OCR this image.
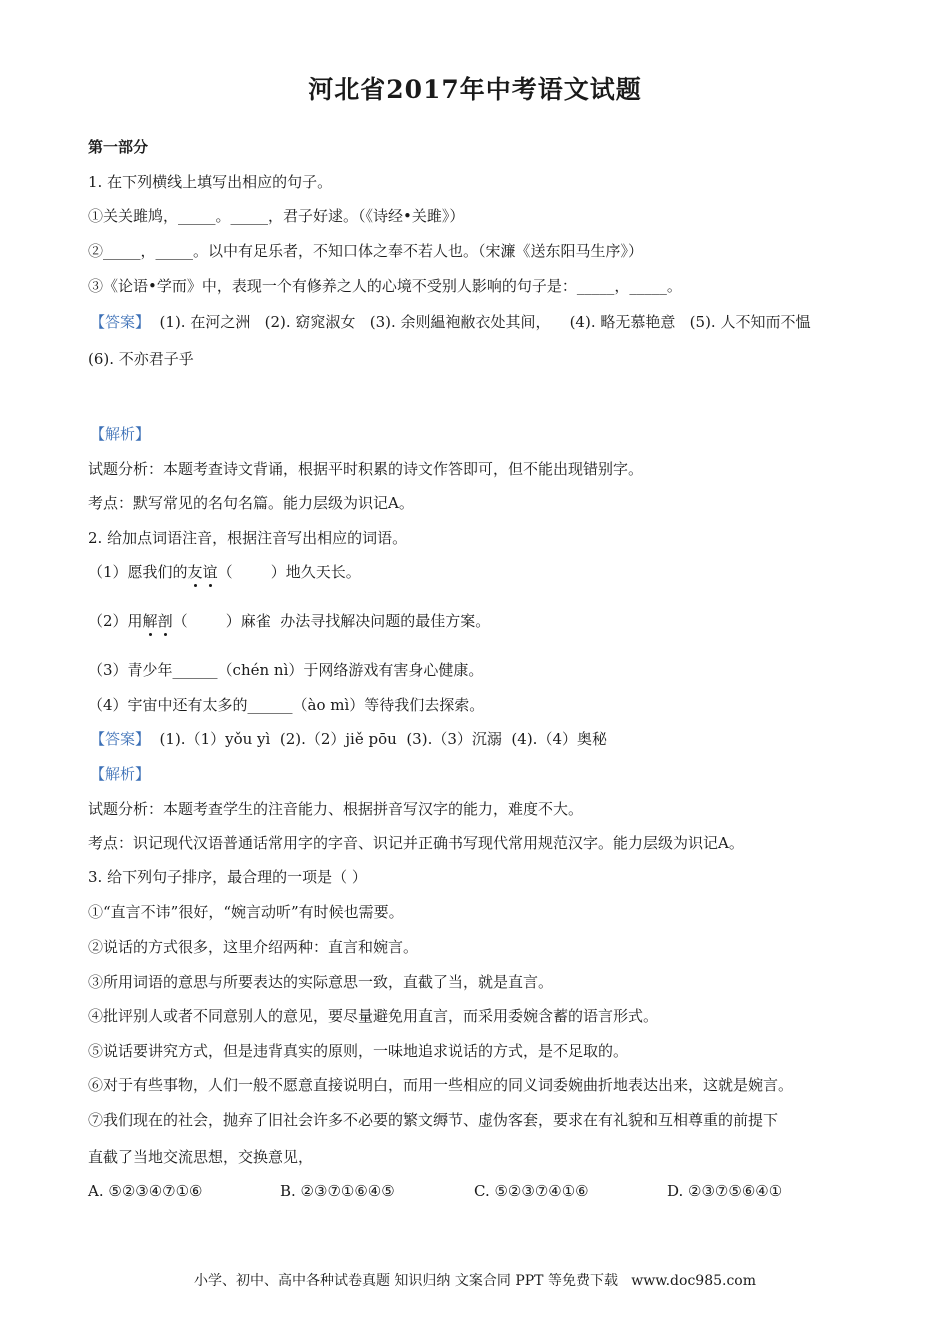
河北省2017年中考语文试题
第一部分
1. 在下列横线上填写出相应的句子。
①关关雎鸠，_____。_____，君子好逑。（《诗经•关雎》）
②_____，_____。以中有足乐者，不知口体之奉不若人也。（宋濂《送东阳马生序》）
③《论语•学而》中，表现一个有修养之人的心境不受别人影响的句子是：_____，_____。
【答案】  (1). 在河之洲   (2). 窈窕淑女   (3). 余则緼袍敝衣处其间，    (4). 略无慕艳意   (5). 人不知而不愠
(6). 不亦君子乎
【解析】
试题分析：本题考查诗文背诵，根据平时积累的诗文作答即可，但不能出现错别字。
考点：默写常见的名句名篇。能力层级为识记A。
2. 给加点词语注音，根据注音写出相应的词语。
（1）愿我们的友谊（        ）地久天长。
（2）用解剖（        ）麻雀  办法寻找解决问题的最佳方案。
（3）青少年______（chén nì）于网络游戏有害身心健康。
（4）宇宙中还有太多的______（ào mì）等待我们去探索。
【答案】  (1).（1）yǒu yì  (2).（2）jiě pōu  (3).（3）沉溺  (4).（4）奥秘
【解析】
试题分析：本题考查学生的注音能力、根据拼音写汉字的能力，难度不大。
考点：识记现代汉语普通话常用字的字音、识记并正确书写现代常用规范汉字。能力层级为识记A。
3. 给下列句子排序，最合理的一项是（ ）
①“直言不讳”很好，“婉言动听”有时候也需要。
②说话的方式很多，这里介绍两种：直言和婉言。
③所用词语的意思与所要表达的实际意思一致，直截了当，就是直言。
④批评别人或者不同意别人的意见，要尽量避免用直言，而采用委婉含蓄的语言形式。
⑤说话要讲究方式，但是违背真实的原则，一味地追求说话的方式，是不足取的。
⑥对于有些事物，人们一般不愿意直接说明白，而用一些相应的同义词委婉曲折地表达出来，这就是婉言。
⑦我们现在的社会，抛弃了旧社会许多不必要的繁文缛节、虚伪客套，要求在有礼貌和互相尊重的前提下
直截了当地交流思想，交换意见，
A. ⑤②③④⑦①⑥	B. ②③⑦①⑥④⑤	C. ⑤②③⑦④①⑥	D. ②③⑦⑤⑥④①
小学、初中、高中各种试卷真题 知识归纳 文案合同 PPT 等免费下载   www.doc985.com
